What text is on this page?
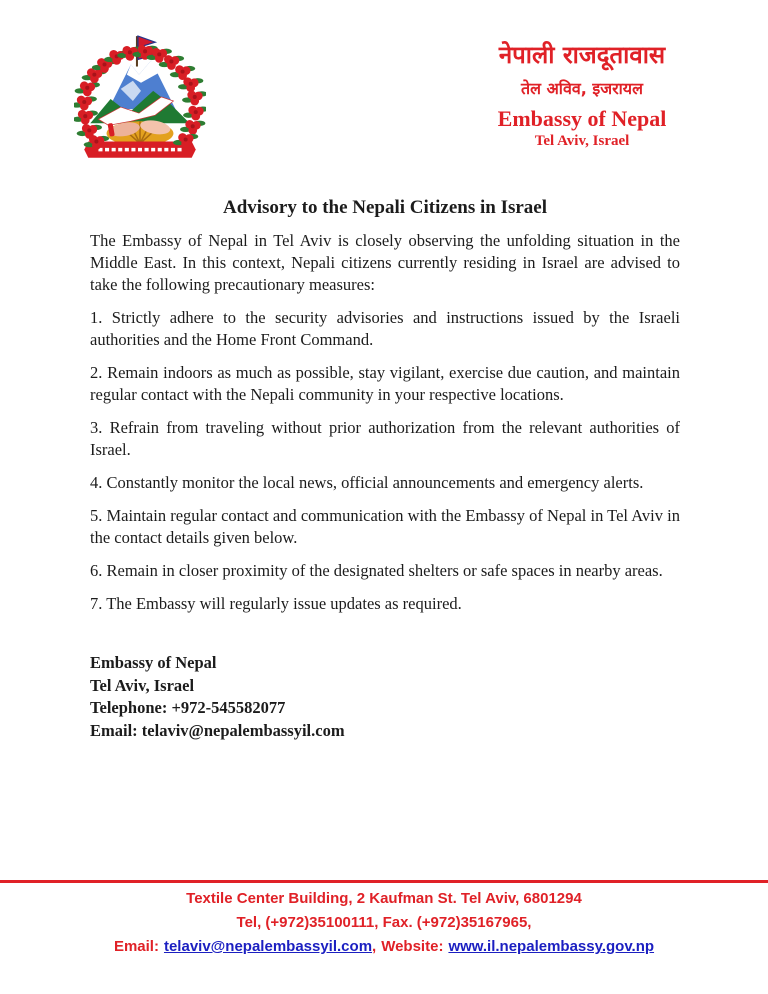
नेपाली राजदूतावास
तेल अविव, इजरायल
Embassy of Nepal
Tel Aviv, Israel
Advisory to the Nepali Citizens in Israel

The Embassy of Nepal in Tel Aviv is closely observing the unfolding situation in the Middle East. In this context, Nepali citizens currently residing in Israel are advised to take the following precautionary measures:

1. Strictly adhere to the security advisories and instructions issued by the Israeli authorities and the Home Front Command.

2. Remain indoors as much as possible, stay vigilant, exercise due caution, and maintain regular contact with the Nepali community in your respective locations.

3. Refrain from traveling without prior authorization from the relevant authorities of Israel.

4. Constantly monitor the local news, official announcements and emergency alerts.

5. Maintain regular contact and communication with the Embassy of Nepal in Tel Aviv in the contact details given below.

6. Remain in closer proximity of the designated shelters or safe spaces in nearby areas.

7. The Embassy will regularly issue updates as required.

Embassy of Nepal
Tel Aviv, Israel
Telephone: +972-545582077
Email: telaviv@nepalembassyil.com
Textile Center Building, 2 Kaufman St. Tel Aviv, 6801294
Tel, (+972)35100111, Fax. (+972)35167965,
Email: telaviv@nepalembassyil.com, Website: www.il.nepalembassy.gov.np
